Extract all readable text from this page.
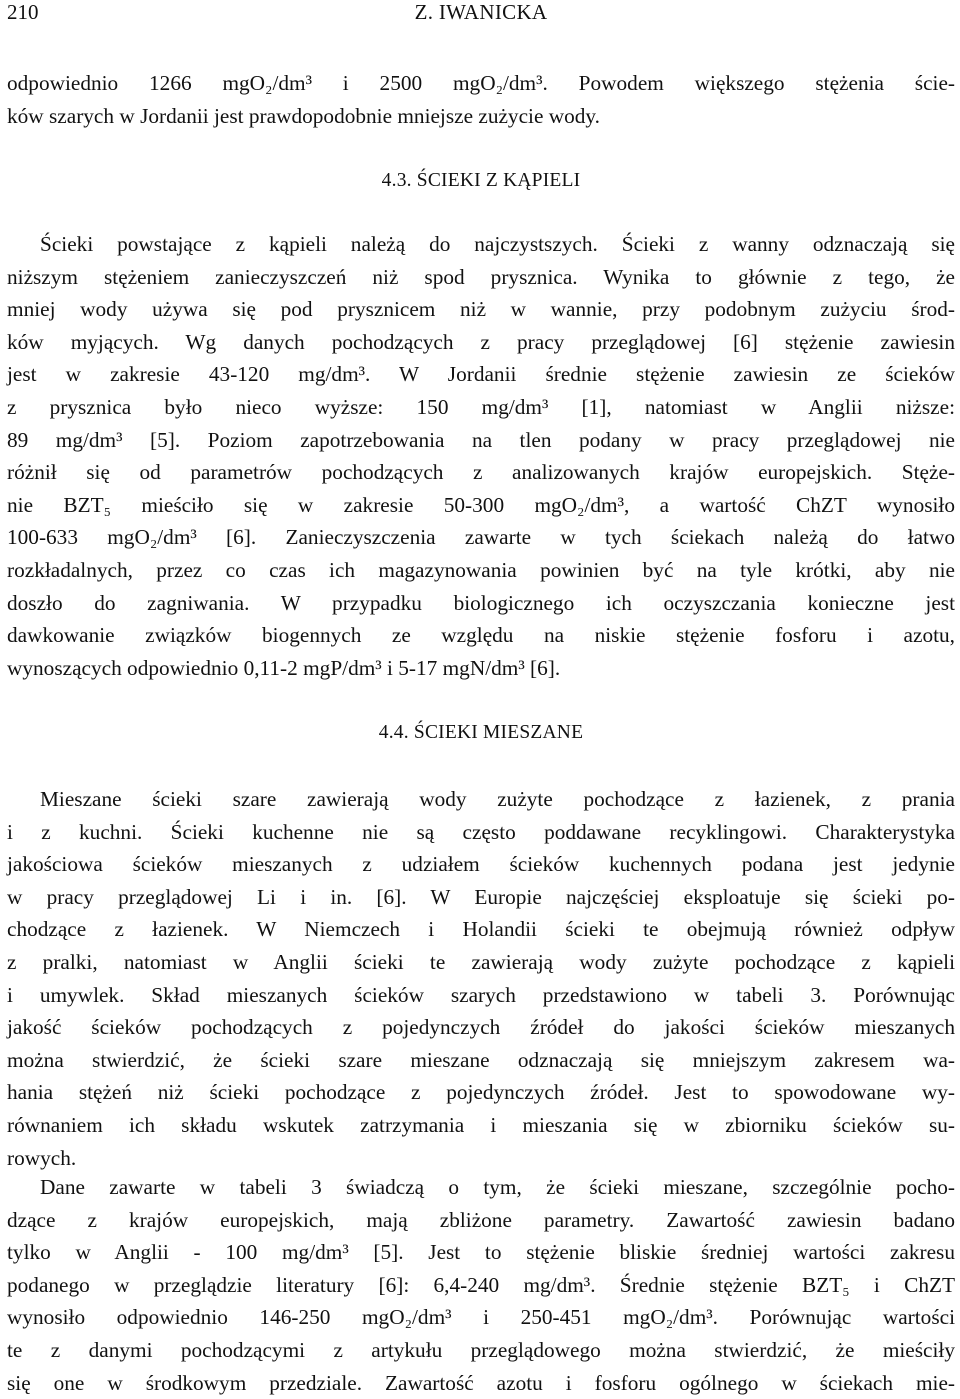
210	Z. IWANICKA
odpowiednio 1266 mgO₂/dm³ i 2500 mgO₂/dm³. Powodem większego stężenia ście-
ków szarych w Jordanii jest prawdopodobnie mniejsze zużycie wody.
4.3. ŚCIEKI Z KĄPIELI
Ścieki powstające z kąpieli należą do najczystszych. Ścieki z wanny odznaczają się
niższym stężeniem zanieczyszczeń niż spod prysznica. Wynika to głównie z tego, że
mniej wody używa się pod prysznicem niż w wannie, przy podobnym zużyciu środ-
ków myjących. Wg danych pochodzących z pracy przeglądowej [6] stężenie zawiesin
jest w zakresie 43-120 mg/dm³. W Jordanii średnie stężenie zawiesin ze ścieków
z prysznica było nieco wyższe: 150 mg/dm³ [1], natomiast w Anglii niższe:
89 mg/dm³ [5]. Poziom zapotrzebowania na tlen podany w pracy przeglądowej nie
różnił się od parametrów pochodzących z analizowanych krajów europejskich. Stęże-
nie BZT₅ mieściło się w zakresie 50-300 mgO₂/dm³, a wartość ChZT wynosiło
100-633 mgO₂/dm³ [6]. Zanieczyszczenia zawarte w tych ściekach należą do łatwo
rozkładalnych, przez co czas ich magazynowania powinien być na tyle krótki, aby nie
doszło do zagniwania. W przypadku biologicznego ich oczyszczania konieczne jest
dawkowanie związków biogennych ze względu na niskie stężenie fosforu i azotu,
wynoszących odpowiednio 0,11-2 mgP/dm³ i 5-17 mgN/dm³ [6].
4.4. ŚCIEKI MIESZANE
Mieszane ścieki szare zawierają wody zużyte pochodzące z łazienek, z prania
i z kuchni. Ścieki kuchenne nie są często poddawane recyklingowi. Charakterystyka
jakościowa ścieków mieszanych z udziałem ścieków kuchennych podana jest jedynie
w pracy przeglądowej Li i in. [6]. W Europie najczęściej eksploatuje się ścieki po-
chodzące z łazienek. W Niemczech i Holandii ścieki te obejmują również odpływ
z pralki, natomiast w Anglii ścieki te zawierają wody zużyte pochodzące z kąpieli
i umywlek. Skład mieszanych ścieków szarych przedstawiono w tabeli 3. Porównując
jakość ścieków pochodzących z pojedynczych źródeł do jakości ścieków mieszanych
można stwierdzić, że ścieki szare mieszane odznaczają się mniejszym zakresem wa-
hania stężeń niż ścieki pochodzące z pojedynczych źródeł. Jest to spowodowane wy-
równaniem ich składu wskutek zatrzymania i mieszania się w zbiorniku ścieków su-
rowych.
Dane zawarte w tabeli 3 świadczą o tym, że ścieki mieszane, szczególnie pocho-
dzące z krajów europejskich, mają zbliżone parametry. Zawartość zawiesin badano
tylko w Anglii - 100 mg/dm³ [5]. Jest to stężenie bliskie średniej wartości zakresu
podanego w przeglądzie literatury [6]: 6,4-240 mg/dm³. Średnie stężenie BZT₅ i ChZT
wynosiło odpowiednio 146-250 mgO₂/dm³ i 250-451 mgO₂/dm³. Porównując wartości
te z danymi pochodzącymi z artykułu przeglądowego można stwierdzić, że mieściły
się one w środkowym przedziale. Zawartość azotu i fosforu ogólnego w ściekach mie-
